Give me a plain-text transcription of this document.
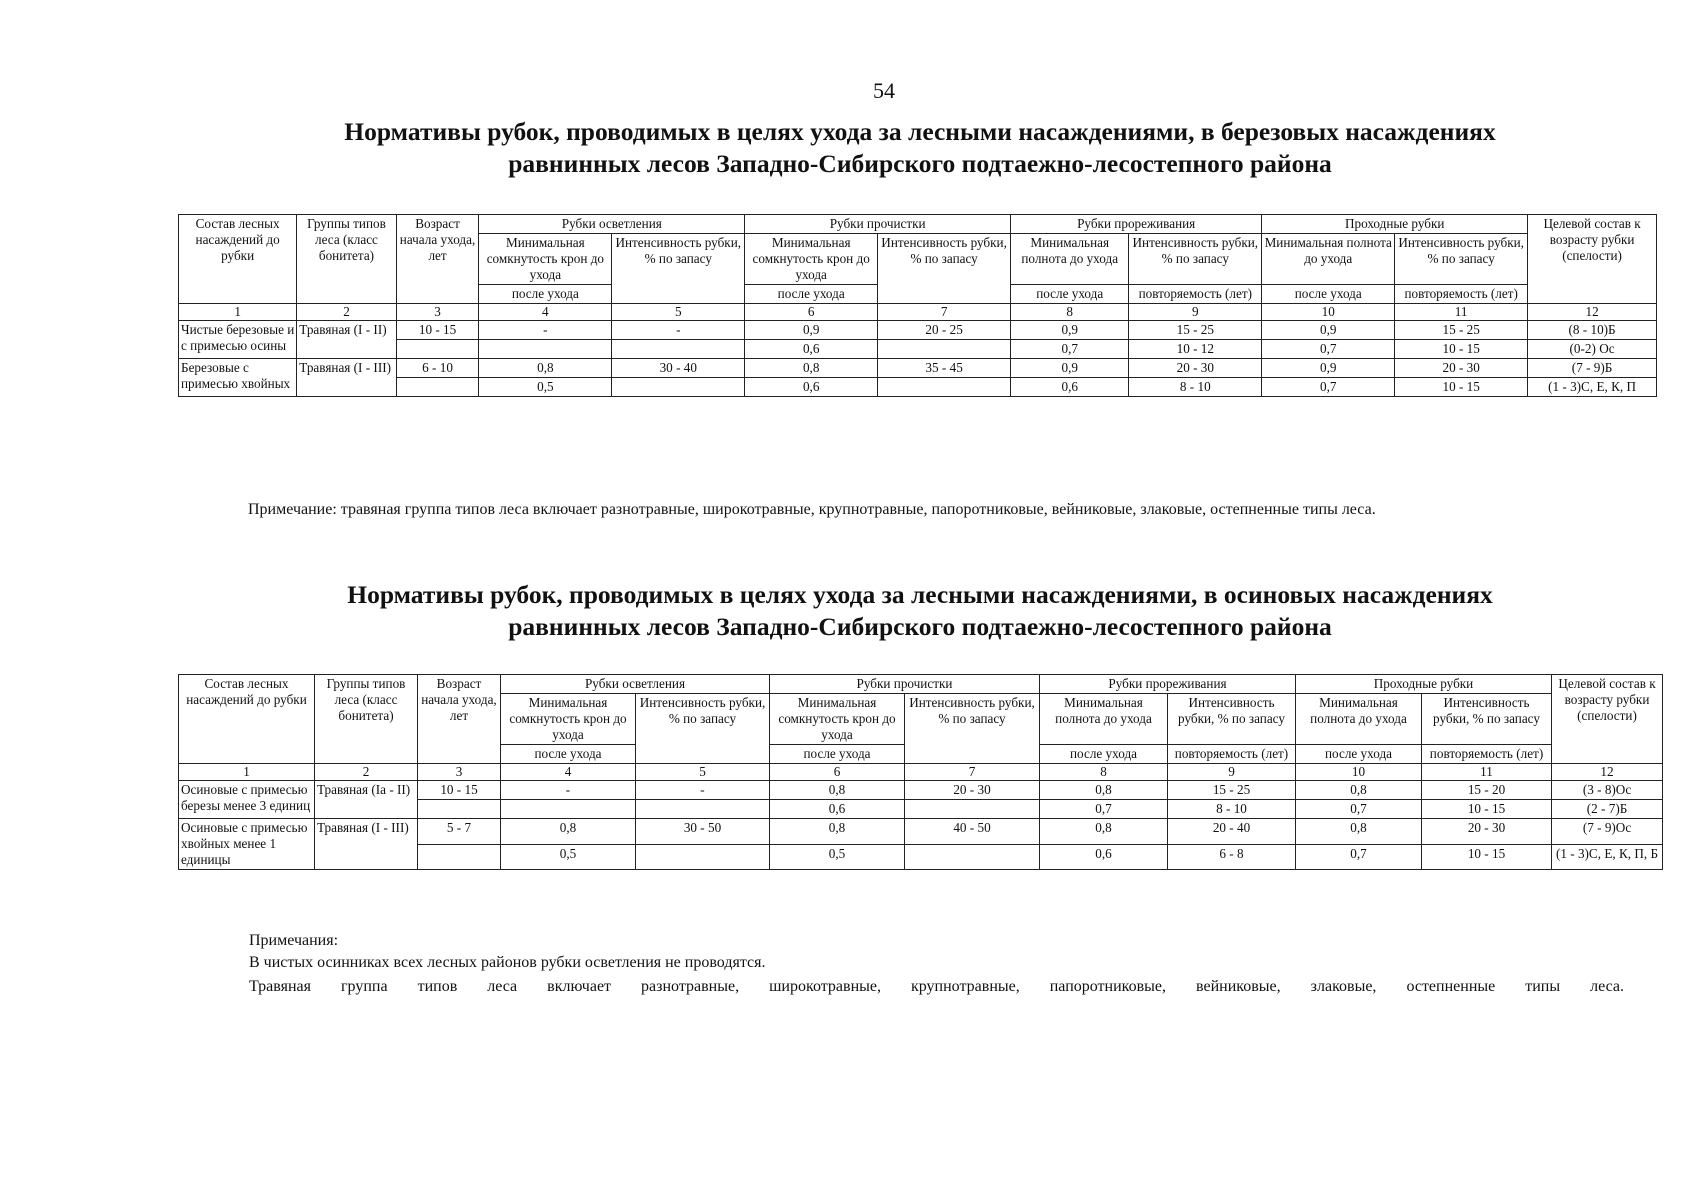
54
Нормативы рубок, проводимых в целях ухода за лесными насаждениями, в березовых насаждениях
равнинных лесов Западно-Сибирского подтаежно-лесостепного района
Состав лесных насаждений до рубки	Группы типов леса (класс бонитета)	Возраст начала ухода, лет	Рубки осветления		Рубки прочистки		Рубки прореживания		Проходные рубки		Целевой состав к возрасту рубки (спелости)
			Минимальная сомкнутость крон до ухода	Интенсивность рубки, % по запасу	Минимальная сомкнутость крон до ухода	Интенсивность рубки, % по запасу	Минимальная полнота до ухода	Интенсивность рубки, % по запасу	Минимальная полнота до ухода	Интенсивность рубки, % по запасу	
			после ухода		после ухода		после ухода	повторяемость (лет)	после ухода	повторяемость (лет)	
1	2	3	4	5	6	7	8	9	10	11	12
Чистые березовые и с примесью осины	Травяная (I - II)	10 - 15	-	-	0,9	20 - 25	0,9	15 - 25	0,9	15 - 25	(8 - 10)Б
					0,6		0,7	10 - 12	0,7	10 - 15	(0-2) Ос
Березовые с примесью хвойных	Травяная (I - III)	6 - 10	0,8	30 - 40	0,8	35 - 45	0,9	20 - 30	0,9	20 - 30	(7 - 9)Б
			0,5		0,6		0,6	8 - 10	0,7	10 - 15	(1 - 3)С, Е, К, П
Примечание: травяная группа типов леса включает разнотравные, широкотравные, крупнотравные, папоротниковые, вейниковые, злаковые, остепненные типы леса.
Нормативы рубок, проводимых в целях ухода за лесными насаждениями, в осиновых насаждениях
равнинных лесов Западно-Сибирского подтаежно-лесостепного района
Состав лесных насаждений до рубки	Группы типов леса (класс бонитета)	Возраст начала ухода, лет	Рубки осветления		Рубки прочистки		Рубки прореживания		Проходные рубки		Целевой состав к возрасту рубки (спелости)
			Минимальная сомкнутость крон до ухода	Интенсивность рубки, % по запасу	Минимальная сомкнутость крон до ухода	Интенсивность рубки, % по запасу	Минимальная полнота до ухода	Интенсивность рубки, % по запасу	Минимальная полнота до ухода	Интенсивность рубки, % по запасу	
			после ухода		после ухода		после ухода	повторяемость (лет)	после ухода	повторяемость (лет)	
1	2	3	4	5	6	7	8	9	10	11	12
Осиновые с примесью березы менее 3 единиц	Травяная (Iа - II)	10 - 15	-	-	0,8	20 - 30	0,8	15 - 25	0,8	15 - 20	(3 - 8)Ос
					0,6		0,7	8 - 10	0,7	10 - 15	(2 - 7)Б
Осиновые с примесью хвойных менее 1 единицы	Травяная (I - III)	5 - 7	0,8	30 - 50	0,8	40 - 50	0,8	20 - 40	0,8	20 - 30	(7 - 9)Ос
			0,5		0,5		0,6	6 - 8	0,7	10 - 15	(1 - 3)С, Е, К, П, Б
Примечания:
В чистых осинниках всех лесных районов рубки осветления не проводятся.
Травяная группа типов леса включает разнотравные, широкотравные, крупнотравные, папоротниковые, вейниковые, злаковые, остепненные типы леса.
